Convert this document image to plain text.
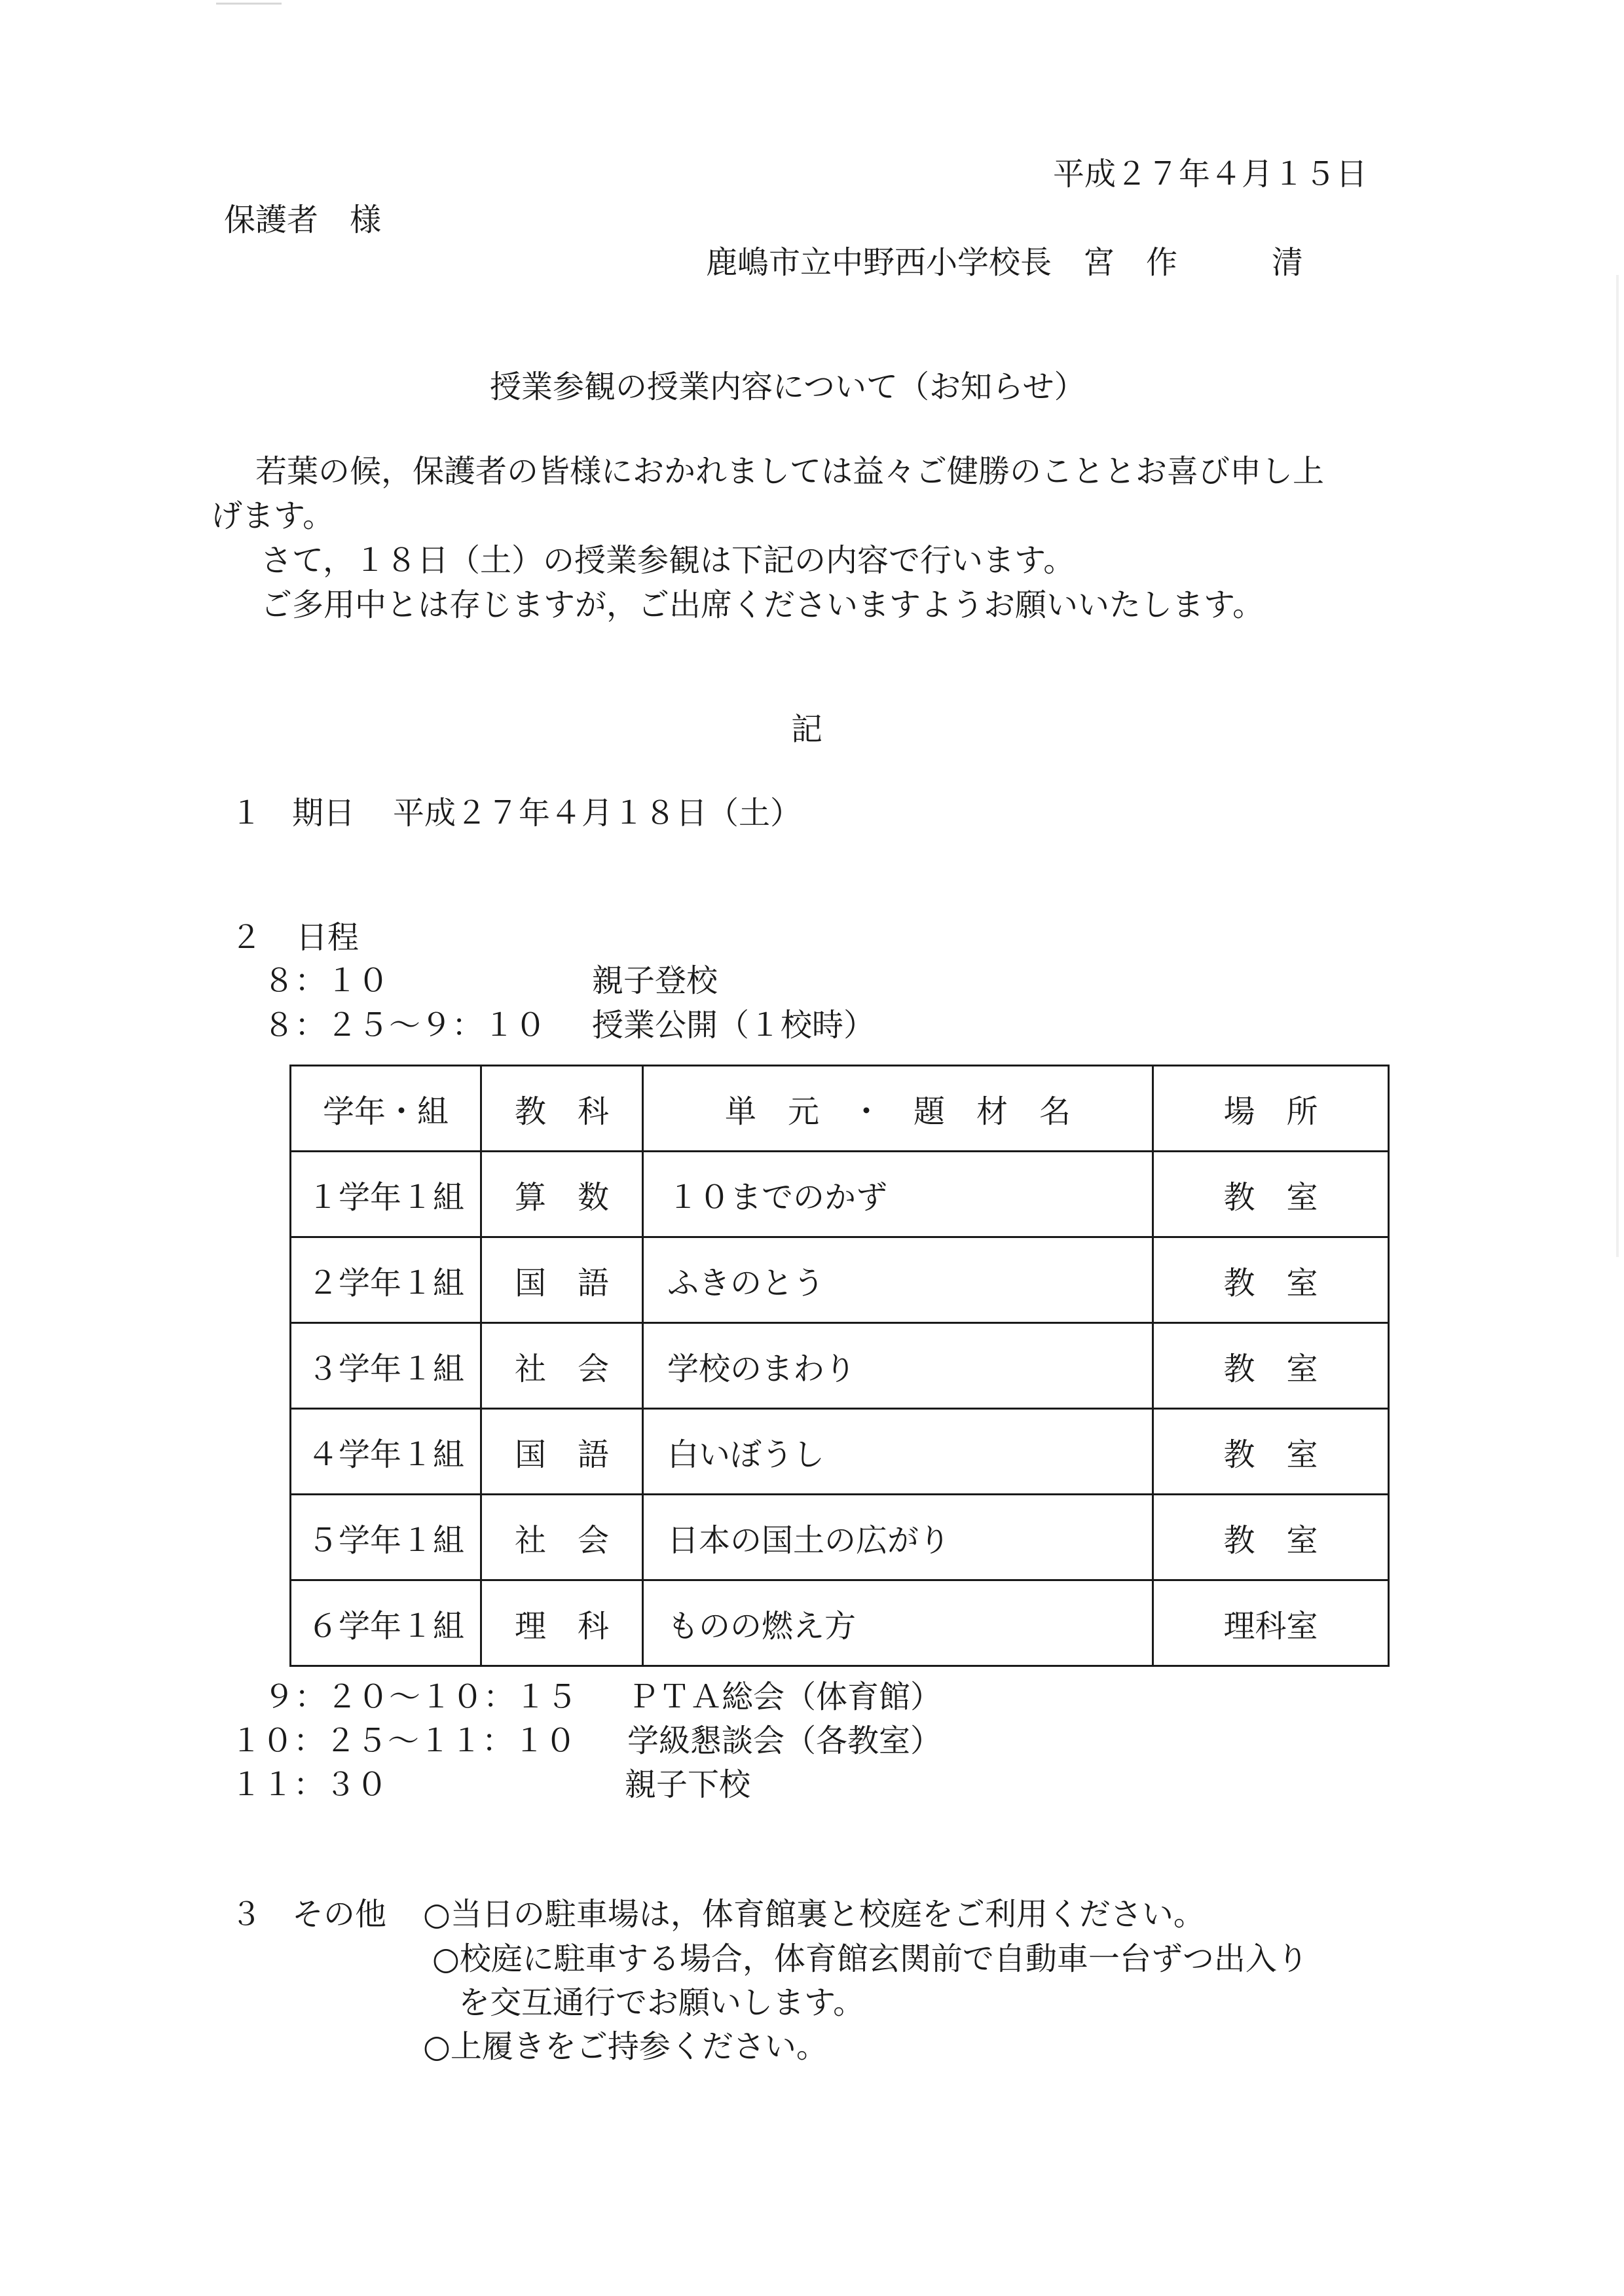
平成２７年４月１５日
保護者　様
鹿嶋市立中野西小学校長　宮　作　　　清
授業参観の授業内容について（お知らせ）
若葉の候，保護者の皆様におかれましては益々ご健勝のこととお喜び申し上
げます。
さて，１８日（土）の授業参観は下記の内容で行います。
ご多用中とは存じますが，ご出席くださいますようお願いいたします。
記
１ 期日 平成２７年４月１８日（土）
２ 日程
８：１０	親子登校
８：２５～９：１０ 授業公開（１校時）
学年・組	教　科	単　元　・　題　材　名	場　所
１学年１組	算　数	１０までのかず	教　室
２学年１組	国　語	ふきのとう	教　室
３学年１組	社　会	学校のまわり	教　室
４学年１組	国　語	白いぼうし	教　室
５学年１組	社　会	日本の国土の広がり	教　室
６学年１組	理　科	ものの燃え方	理科室
９：２０～１０：１５ ＰＴＡ総会（体育館）
１０：２５～１１：１０ 学級懇談会（各教室）
１１：３０	親子下校
３ その他 ○当日の駐車場は，体育館裏と校庭をご利用ください。
○校庭に駐車する場合，体育館玄関前で自動車一台ずつ出入り
を交互通行でお願いします。
○上履きをご持参ください。
